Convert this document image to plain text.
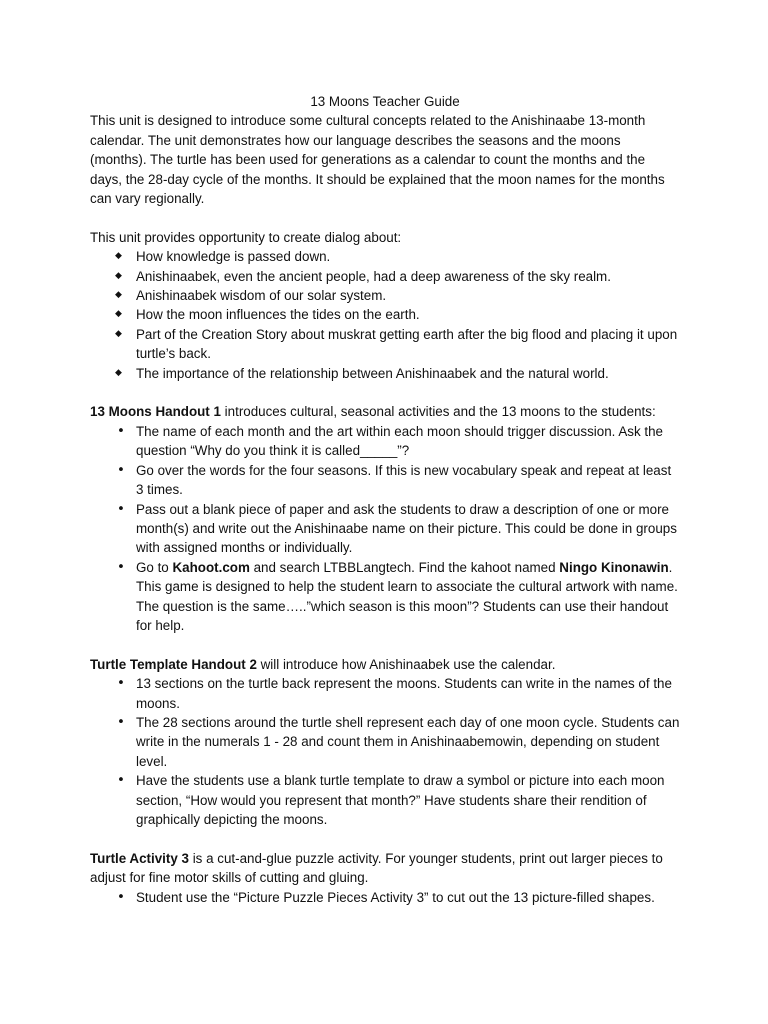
13 Moons Teacher Guide

This unit is designed to introduce some cultural concepts related to the Anishinaabe 13-month calendar. The unit demonstrates how our language describes the seasons and the moons (months). The turtle has been used for generations as a calendar to count the months and the days, the 28-day cycle of the months. It should be explained that the moon names for the months can vary regionally.

This unit provides opportunity to create dialog about:

◆ How knowledge is passed down.
◆ Anishinaabek, even the ancient people, had a deep awareness of the sky realm.
◆ Anishinaabek wisdom of our solar system.
◆ How the moon influences the tides on the earth.
◆ Part of the Creation Story about muskrat getting earth after the big flood and placing it upon turtle’s back.
◆ The importance of the relationship between Anishinaabek and the natural world.

13 Moons Handout 1 introduces cultural, seasonal activities and the 13 moons to the students:

• The name of each month and the art within each moon should trigger discussion. Ask the question “Why do you think it is called_____”?
• Go over the words for the four seasons. If this is new vocabulary speak and repeat at least 3 times.
• Pass out a blank piece of paper and ask the students to draw a description of one or more month(s) and write out the Anishinaabe name on their picture. This could be done in groups with assigned months or individually.
• Go to Kahoot.com and search LTBBLangtech. Find the kahoot named Ningo Kinonawin. This game is designed to help the student learn to associate the cultural artwork with name. The question is the same…..”which season is this moon”? Students can use their handout for help.

Turtle Template Handout 2 will introduce how Anishinaabek use the calendar.

• 13 sections on the turtle back represent the moons. Students can write in the names of the moons.
• The 28 sections around the turtle shell represent each day of one moon cycle. Students can write in the numerals 1 - 28 and count them in Anishinaabemowin, depending on student level.
• Have the students use a blank turtle template to draw a symbol or picture into each moon section, “How would you represent that month?” Have students share their rendition of graphically depicting the moons.

Turtle Activity 3 is a cut-and-glue puzzle activity. For younger students, print out larger pieces to adjust for fine motor skills of cutting and gluing.

• Student use the “Picture Puzzle Pieces Activity 3” to cut out the 13 picture-filled shapes.
